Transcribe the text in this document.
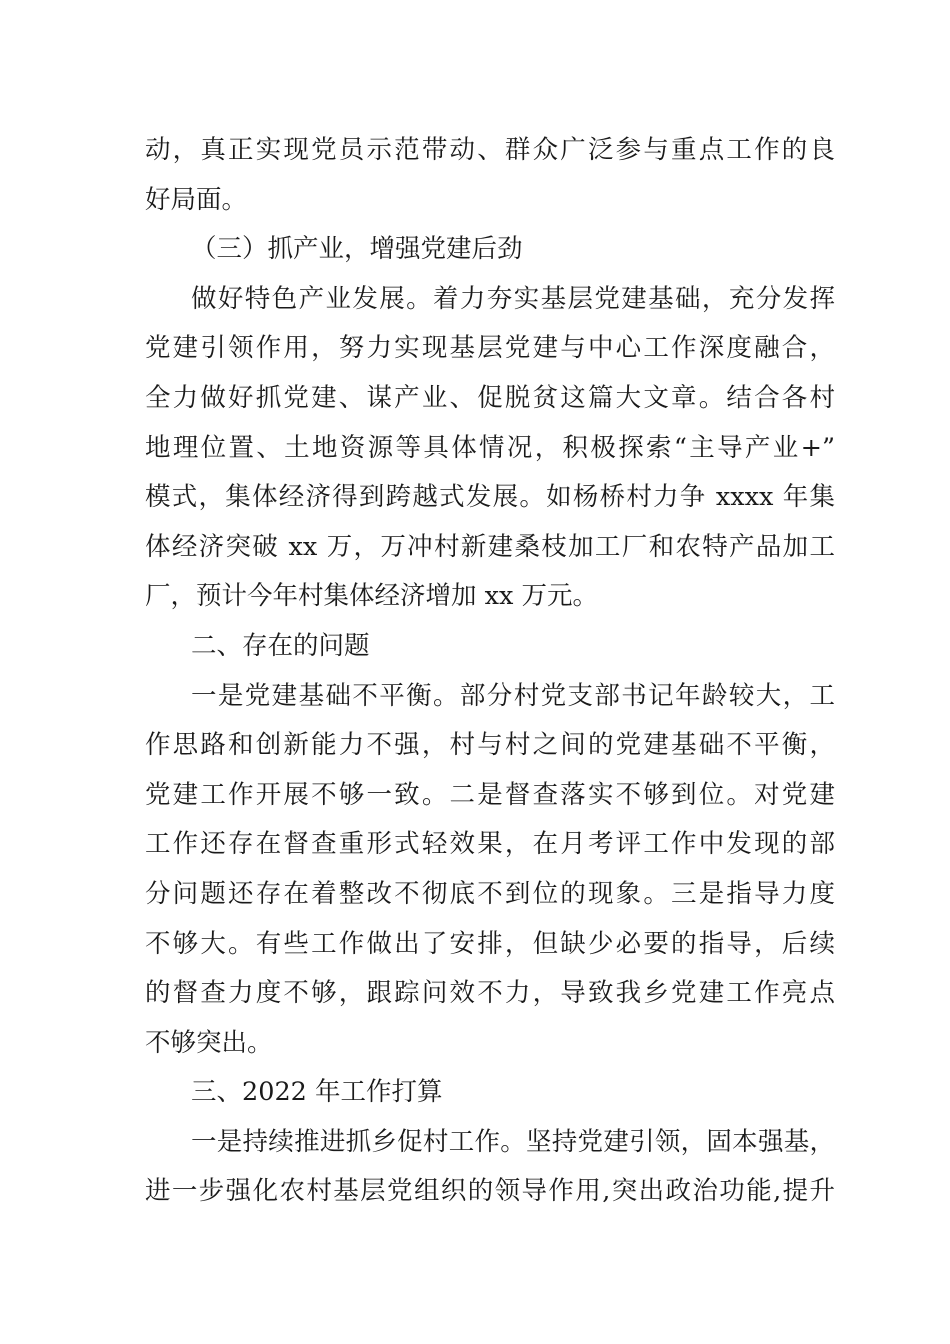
动，真正实现党员示范带动、群众广泛参与重点工作的良
好局面。
（三）抓产业，增强党建后劲
做好特色产业发展。着力夯实基层党建基础，充分发挥
党建引领作用，努力实现基层党建与中心工作深度融合，
全力做好抓党建、谋产业、促脱贫这篇大文章。结合各村
地理位置、土地资源等具体情况，积极探索“主导产业+”
模式，集体经济得到跨越式发展。如杨桥村力争 xxxx 年集
体经济突破 xx 万，万冲村新建桑枝加工厂和农特产品加工
厂，预计今年村集体经济增加 xx 万元。
二、存在的问题
一是党建基础不平衡。部分村党支部书记年龄较大，工
作思路和创新能力不强，村与村之间的党建基础不平衡，
党建工作开展不够一致。二是督查落实不够到位。对党建
工作还存在督查重形式轻效果，在月考评工作中发现的部
分问题还存在着整改不彻底不到位的现象。三是指导力度
不够大。有些工作做出了安排，但缺少必要的指导，后续
的督查力度不够，跟踪问效不力，导致我乡党建工作亮点
不够突出。
三、2022 年工作打算
一是持续推进抓乡促村工作。坚持党建引领，固本强基，
进一步强化农村基层党组织的领导作用,突出政治功能,提升
